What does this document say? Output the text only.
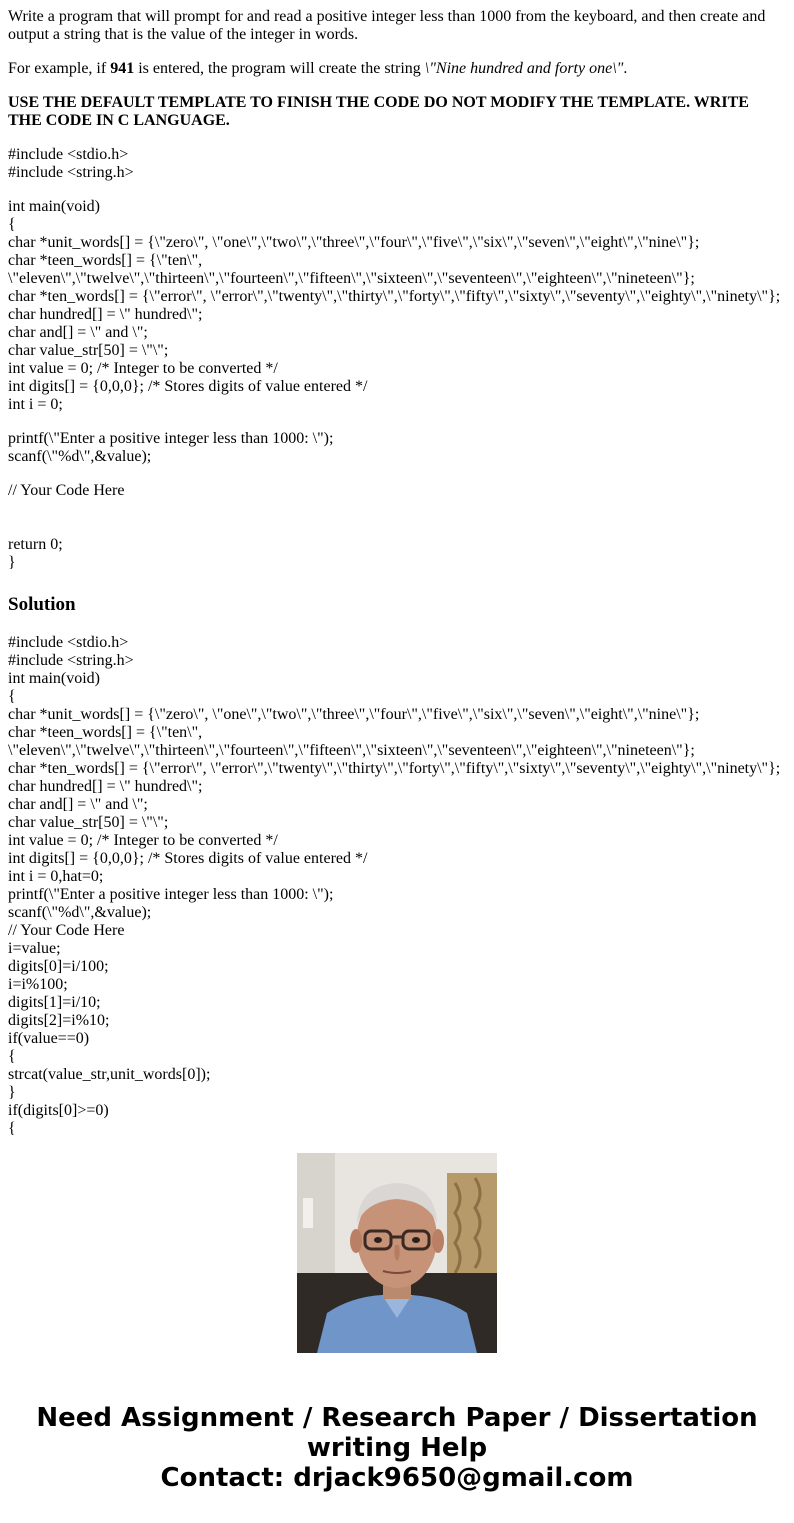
Write a program that will prompt for and read a positive integer less than 1000 from the keyboard, and then create and output a string that is the value of the integer in words.

For example, if 941 is entered, the program will create the string \"Nine hundred and forty one\".

USE THE DEFAULT TEMPLATE TO FINISH THE CODE DO NOT MODIFY THE TEMPLATE. WRITE THE CODE IN C LANGUAGE.

#include <stdio.h>
#include <string.h>
int main(void)
{
char *unit_words[] = {\"zero\", \"one\",\"two\",\"three\",\"four\",\"five\",\"six\",\"seven\",\"eight\",\"nine\"};
char *teen_words[] = {\"ten\",
\"eleven\",\"twelve\",\"thirteen\",\"fourteen\",\"fifteen\",\"sixteen\",\"seventeen\",\"eighteen\",\"nineteen\"};
char *ten_words[] = {\"error\", \"error\",\"twenty\",\"thirty\",\"forty\",\"fifty\",\"sixty\",\"seventy\",\"eighty\",\"ninety\"};
char hundred[] = \" hundred\";
char and[] = \" and \";
char value_str[50] = \"\";
int value = 0; /* Integer to be converted */
int digits[] = {0,0,0}; /* Stores digits of value entered */
int i = 0;
printf(\"Enter a positive integer less than 1000: \");
scanf(\"%d\",&value);
// Your Code Here
return 0;
}
Solution
#include <stdio.h>
#include <string.h>
int main(void)
{
char *unit_words[] = {\"zero\", \"one\",\"two\",\"three\",\"four\",\"five\",\"six\",\"seven\",\"eight\",\"nine\"};
char *teen_words[] = {\"ten\",
\"eleven\",\"twelve\",\"thirteen\",\"fourteen\",\"fifteen\",\"sixteen\",\"seventeen\",\"eighteen\",\"nineteen\"};
char *ten_words[] = {\"error\", \"error\",\"twenty\",\"thirty\",\"forty\",\"fifty\",\"sixty\",\"seventy\",\"eighty\",\"ninety\"};
char hundred[] = \" hundred\";
char and[] = \" and \";
char value_str[50] = \"\";
int value = 0; /* Integer to be converted */
int digits[] = {0,0,0}; /* Stores digits of value entered */
int i = 0,hat=0;
printf(\"Enter a positive integer less than 1000: \");
scanf(\"%d\",&value);
// Your Code Here
i=value;
digits[0]=i/100;
i=i%100;
digits[1]=i/10;
digits[2]=i%10;
if(value==0)
{
strcat(value_str,unit_words[0]);
}
if(digits[0]>=0)
{
Need Assignment / Research Paper / Dissertation
writing Help
Contact: drjack9650@gmail.com
